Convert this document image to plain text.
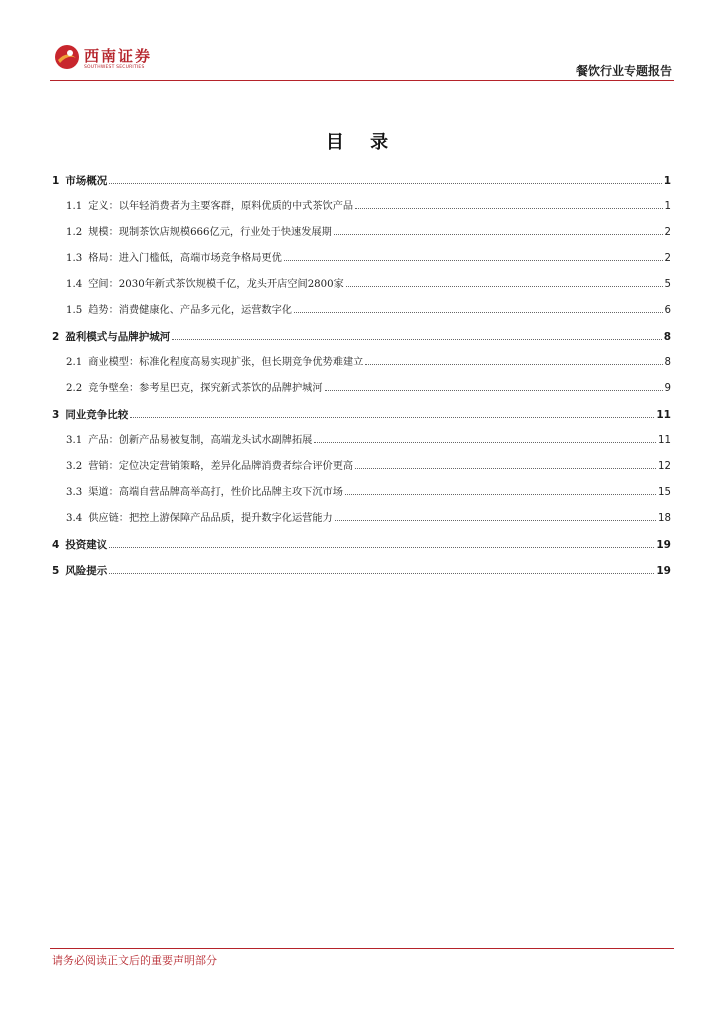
西南证券
SOUTHWEST SECURITIES	餐饮行业专题报告
目 录
1 市场概况	1
1.1 定义：以年轻消费者为主要客群，原料优质的中式茶饮产品	1
1.2 规模：现制茶饮店规模666亿元，行业处于快速发展期	2
1.3 格局：进入门槛低，高端市场竞争格局更优	2
1.4 空间：2030年新式茶饮规模千亿，龙头开店空间2800家	5
1.5 趋势：消费健康化、产品多元化，运营数字化	6
2 盈利模式与品牌护城河	8
2.1 商业模型：标准化程度高易实现扩张，但长期竞争优势难建立	8
2.2 竞争壁垒：参考星巴克，探究新式茶饮的品牌护城河	9
3 同业竞争比较	11
3.1 产品：创新产品易被复制，高端龙头试水副牌拓展	11
3.2 营销：定位决定营销策略，差异化品牌消费者综合评价更高	12
3.3 渠道：高端自营品牌高举高打，性价比品牌主攻下沉市场	15
3.4 供应链：把控上游保障产品品质，提升数字化运营能力	18
4 投资建议	19
5 风险提示	19
请务必阅读正文后的重要声明部分
